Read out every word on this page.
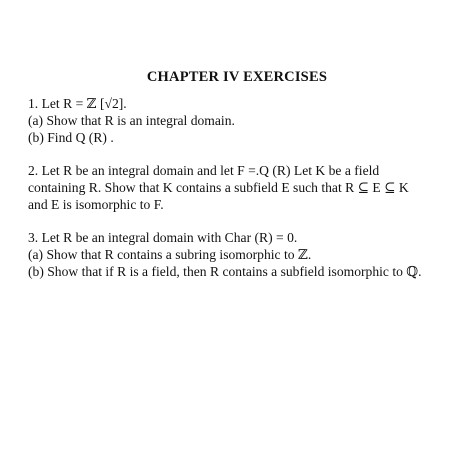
CHAPTER IV EXERCISES
1. Let R = ℤ [√2].
(a) Show that R is an integral domain.
(b) Find Q (R) .
2. Let R be an integral domain and let F =.Q (R) Let K be a field
containing R. Show that K contains a subfield E such that R ⊆ E ⊆ K
and E is isomorphic to F.
3. Let R be an integral domain with Char (R) = 0.
(a) Show that R contains a subring isomorphic to ℤ.
(b) Show that if R is a field, then R contains a subfield isomorphic to ℚ.
